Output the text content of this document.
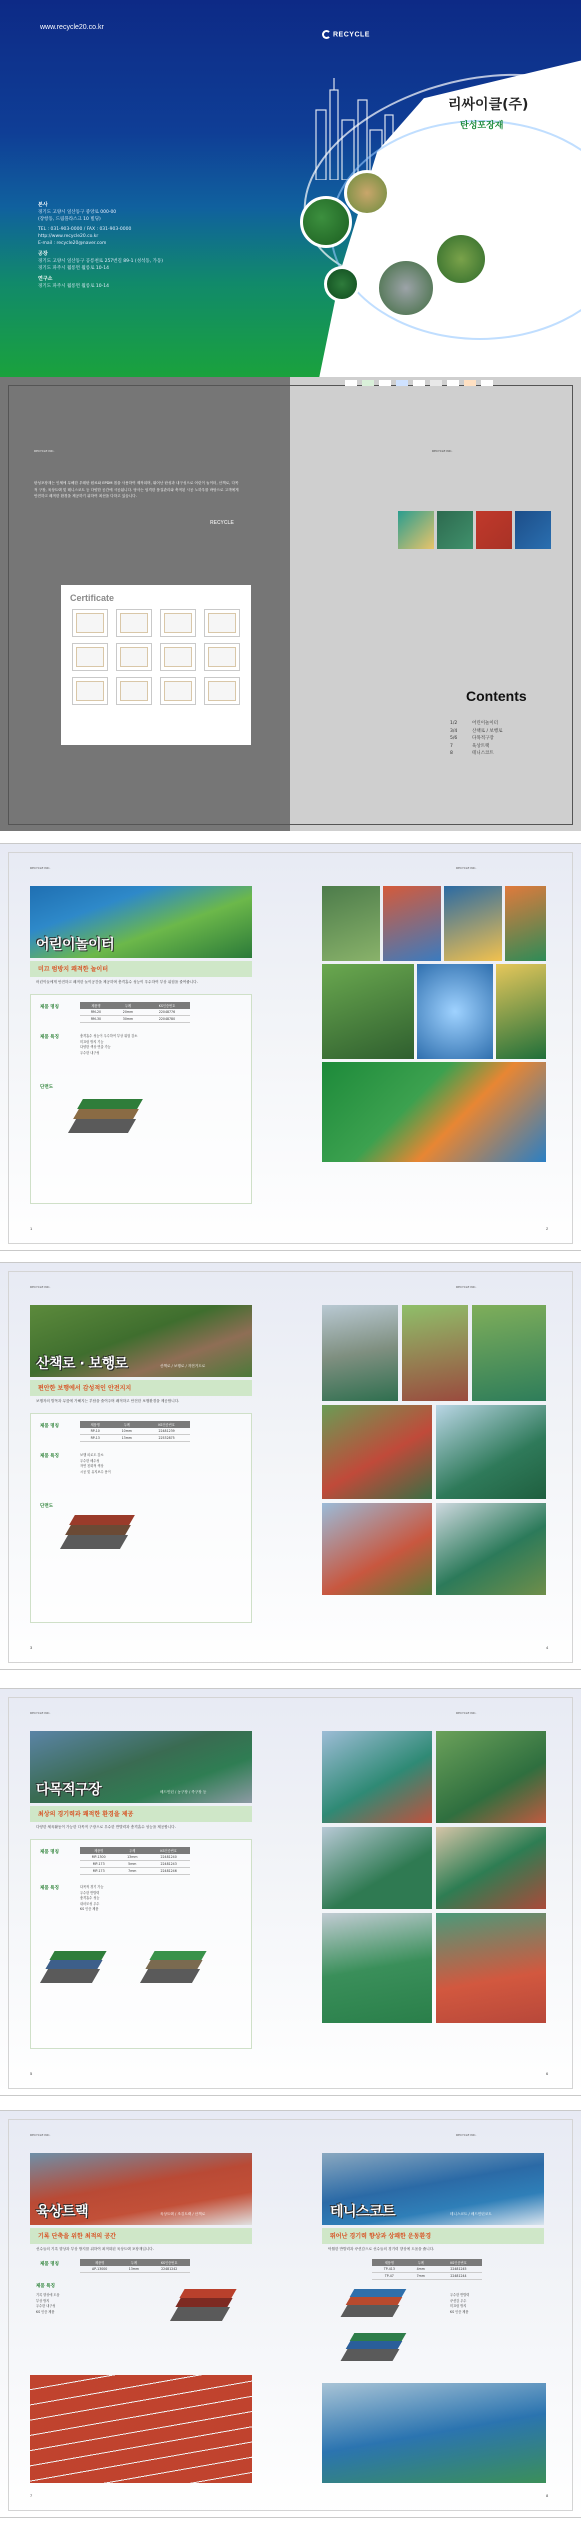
www.recycle20.co.kr
RECYCLE
리싸이클(주)
탄성포장재
본사
경기도 고양시 일산동구 중앙로 000-00
(장항동, 드림플라스크 10 빌딩)
TEL : 031-903-0000 / FAX : 031-903-0000
http://www.recycle20.co.kr
E-mail : recycle20@naver.com
공장
경기도 고양시 일산동구 공릉천로 257번길 89-1 (성석동, 가동)
경기도 파주시 월롱면 월롱로 10-14
연구소
경기도 파주시 월롱면 월롱로 10-14
RECYCLE INC.	RECYCLE INC.
탄성포장재는 인체에 무해한 우레탄 원료와 EPDM 칩을 사용하여 제작되며, 뛰어난 탄성과 내구성으로 어린이 놀이터, 산책로, 다목적 구장, 육상트랙 및 테니스코트 등 다양한 공간에 시공됩니다. 당사는 엄격한 품질관리와 축적된 시공 노하우를 바탕으로 고객에게 안전하고 쾌적한 환경을 제공하기 위하여 최선을 다하고 있습니다.
RECYCLE
Certificate
Contents
1/2	어린이놀이터
3/4	산책로 / 보행로
5/6	다목적구장
7	육상트랙
8	테니스코트
RECYCLE INC.	RECYCLE INC.
어린이놀이터
미끄 럼방지 쾌적한 놀이터
어린이들에게 안전하고 쾌적한 놀이공간을 제공하며 충격흡수 성능이 우수하여 부상 위험을 줄여줍니다.
제품 명칭	제품명	두께	KS인증번호
RM-20	20mm	22048776
RM-30	30mm	22048780
제품 특징	충격흡수 성능이 우수하여 부상 위험 감소
미끄럼 방지 기능
다양한 색상 연출 가능
우수한 내구성
단면도
1	2
RECYCLE INC.	RECYCLE INC.
산책로 · 보행로	산책로 / 보행로 / 자전거도로
편안한 보행에서 감성적인 안전지지
보행자의 발목과 무릎에 가해지는 부담을 줄여주며 쾌적하고 안전한 보행환경을 제공합니다.
제품 명칭	제품명	두께	KS인증번호
RP-10	10mm	22481239
RP-13	13mm	22532875
제품 특징	보행 피로도 감소
우수한 배수성
자연 친화적 색상
시공 및 유지보수 용이
단면도
3	4
RECYCLE INC.	RECYCLE INC.
다목적구장	배드민턴 / 농구장 / 족구장 등
최상의 경기력과 쾌적한 환경을 제공
다양한 체육활동이 가능한 다목적 구장으로 우수한 반발력과 충격흡수 성능을 제공합니다.
제품 명칭	제품명	두께	KS인증번호
MP-1300	13mm	22481240
MP-173	5mm	22481243
MP-173	7mm	22481246
제품 특징	다목적 경기 가능
우수한 반발력
충격흡수 성능
내마모성 우수
KS 인증 제품
5	6
RECYCLE INC.	RECYCLE INC.
육상트랙	육상트랙 / 조깅트랙 / 산책로
기록 단축을 위한 최적의 공간
선수들의 기록 향상과 부상 방지를 위하여 최적화된 육상트랙 포장재입니다.
제품 명칭	제품명	두께	KS인증번호
AP-13000	13mm	22481242
제품 특징
기록 향상에 도움
부상 방지
우수한 내구성
KS 인증 제품
테니스코트	테니스코트 / 배드민턴코트
뛰어난 경기력 향상과 상쾌한 운동환경
탁월한 반발력과 쿠션감으로 선수들의 경기력 향상에 도움을 줍니다.
제품명	두께	KS인증번호
TP-413	4mm	22481245
TP-47	7mm	22481244
우수한 반발력
쿠션감 우수
미끄럼 방지
KS 인증 제품
7	8
